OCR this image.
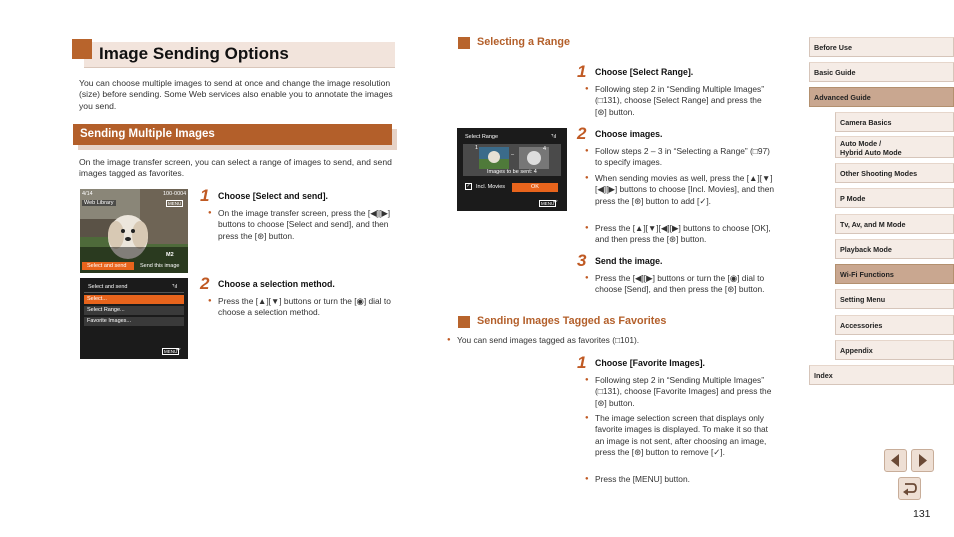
Image Sending Options
You can choose multiple images to send at once and change the image resolution (size) before sending. Some Web services also enable you to annotate the images you send.
Sending Multiple Images
On the image transfer screen, you can select a range of images to send, and send images tagged as favorites.
4/14	100-0004
Web Library	MENU
M2
Select and send	Send this image
1 Choose [Select and send].
● On the image transfer screen, press the [◀][▶] buttons to choose [Select and send], and then press the [⊛] button.
Select and send	ᵀıl
Select...
Select Range...
Favorite Images...
MENU
↩
2 Choose a selection method.
● Press the [▲][▼] buttons or turn the [◉] dial to choose a selection method.
Selecting a Range
Select Range	ᵀıl
1
–
4
Images to be sent: 4
✓ Incl. Movies	OK
MENU
↩
1 Choose [Select Range].
● Following step 2 in “Sending Multiple Images” (□131), choose [Select Range] and press the [⊛] button.
2 Choose images.
● Follow steps 2 – 3 in “Selecting a Range” (□97) to specify images.
● When sending movies as well, press the [▲][▼][◀][▶] buttons to choose [Incl. Movies], and then press the [⊛] button to add [✓].
● Press the [▲][▼][◀][▶] buttons to choose [OK], and then press the [⊛] button.
3 Send the image.
● Press the [◀][▶] buttons or turn the [◉] dial to choose [Send], and then press the [⊛] button.
Sending Images Tagged as Favorites
● You can send images tagged as favorites (□101).
1 Choose [Favorite Images].
● Following step 2 in “Sending Multiple Images” (□131), choose [Favorite Images] and press the [⊛] button.
● The image selection screen that displays only favorite images is displayed. To make it so that an image is not sent, after choosing an image, press the [⊛] button to remove [✓].
● Press the [MENU] button.
Before Use
Basic Guide
Advanced Guide
Camera Basics
Auto Mode /
Hybrid Auto Mode
Other Shooting Modes
P Mode
Tv, Av, and M Mode
Playback Mode
Wi-Fi Functions
Setting Menu
Accessories
Appendix
Index
131
